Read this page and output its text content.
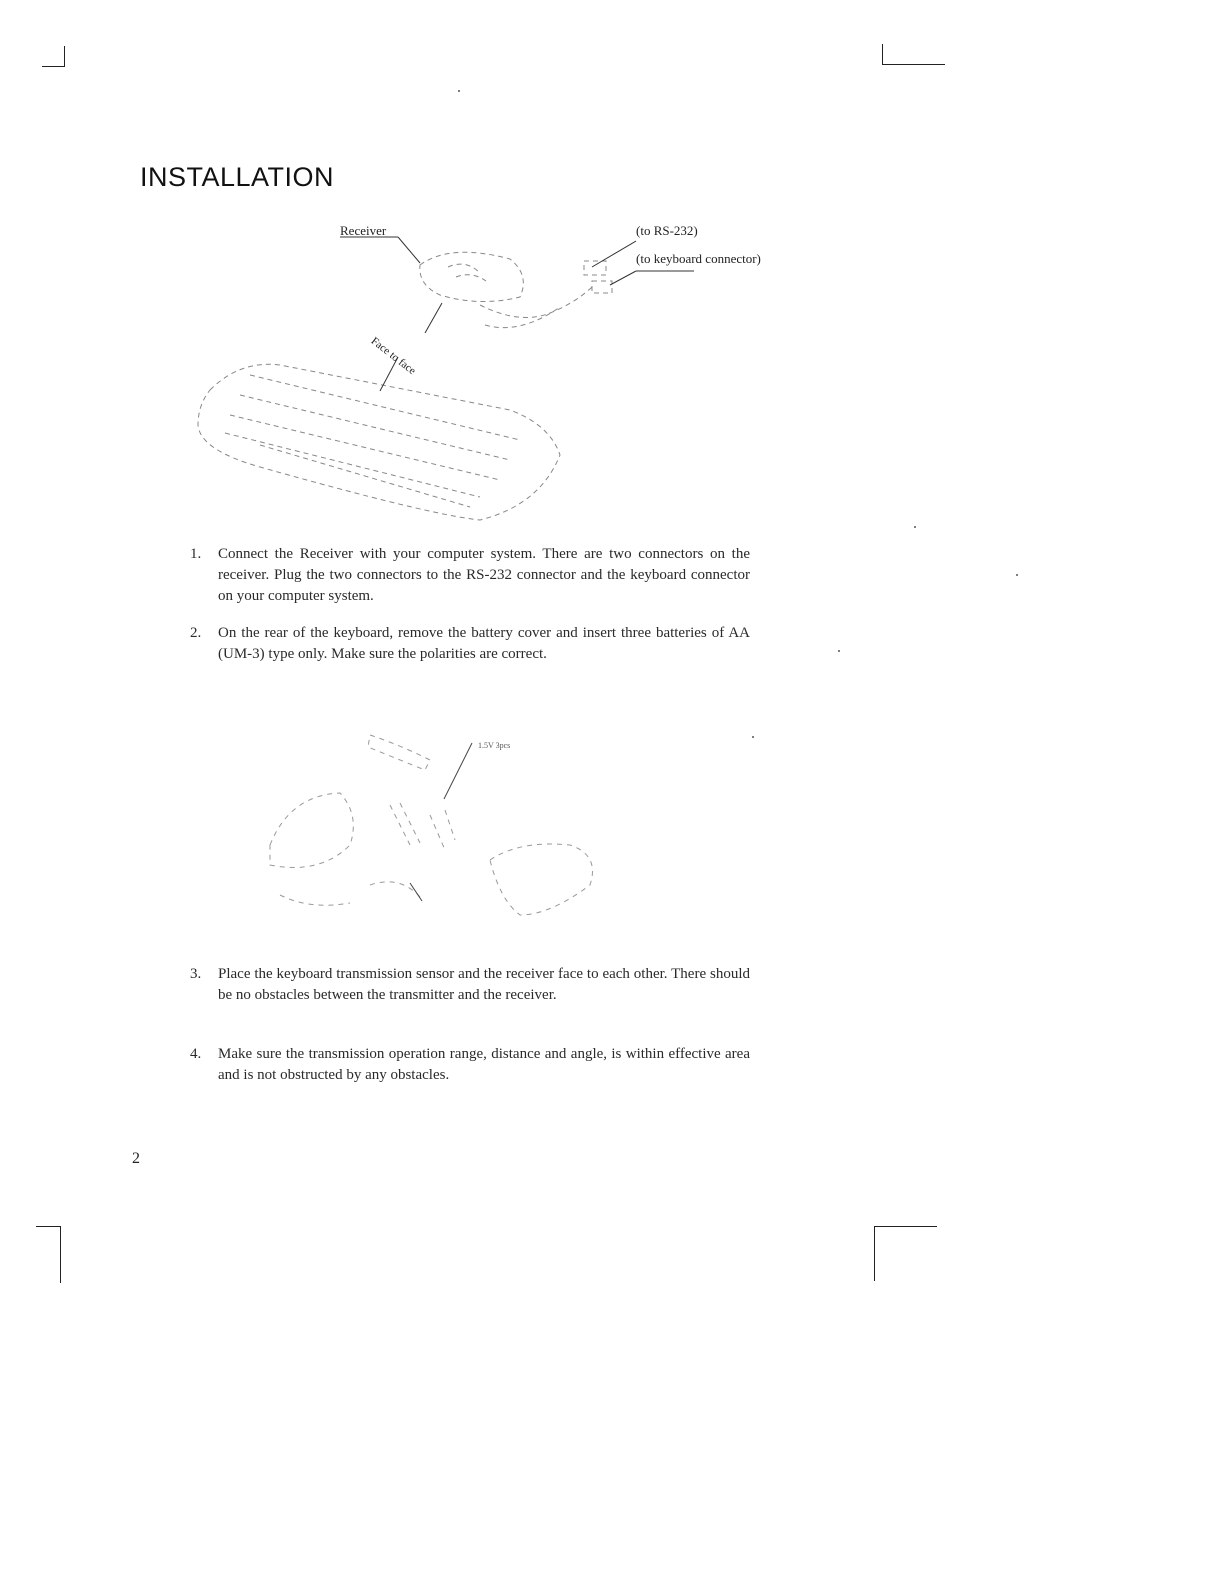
INSTALLATION
Receiver	(to RS-232)
(to keyboard connector)
Face to face
1. Connect the Receiver with your computer system. There are two connectors on the receiver. Plug the two connectors to the RS-232 connector and the keyboard connector on your computer system.
2. On the rear of the keyboard, remove the battery cover and insert three batteries of AA (UM-3) type only. Make sure the polarities are correct.
1.5V 3pcs
3. Place the keyboard transmission sensor and the receiver face to each other. There should be no obstacles between the transmitter and the receiver.
4. Make sure the transmission operation range, distance and angle, is within effective area and is not obstructed by any obstacles.
2
